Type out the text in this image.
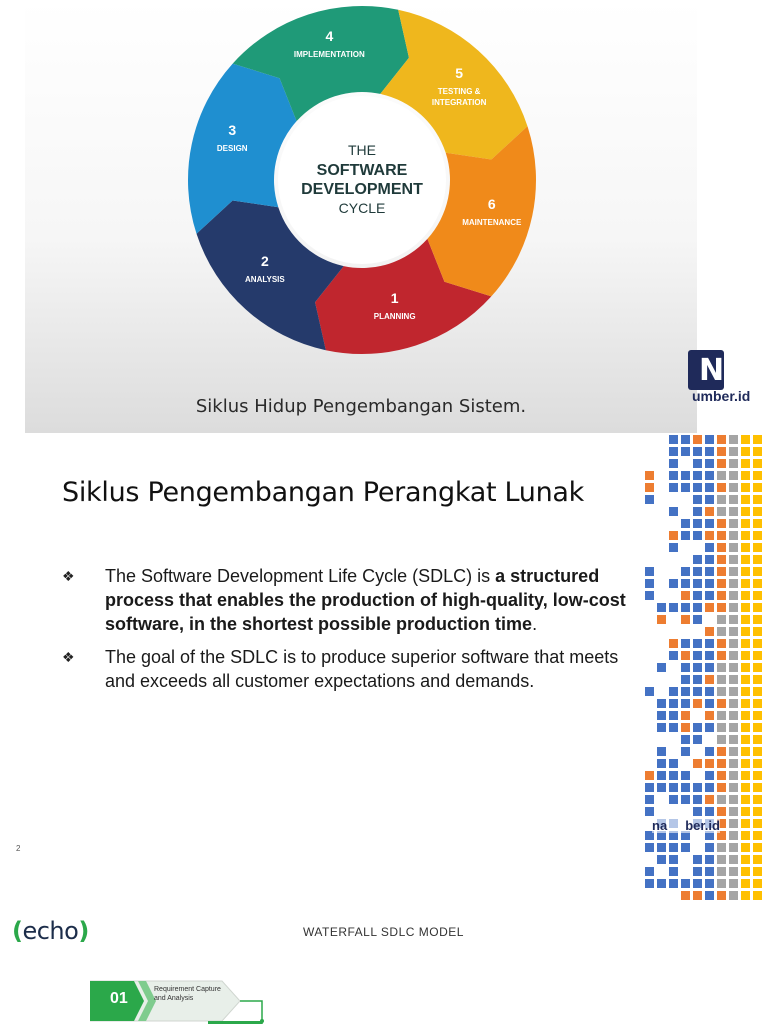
1
PLANNING
2
ANALYSIS
3
DESIGN
4
IMPLEMENTATION
5
TESTING &
INTEGRATION
6
MAINTENANCE
THE
SOFTWARE
DEVELOPMENT
CYCLE
Siklus Hidup Pengembangan Sistem.
Ni
umber.id
Siklus Pengembangan Perangkat Lunak
❖ The Software Development Life Cycle (SDLC) is a structured process that enables the production of high-quality, low-cost software, in the shortest possible production time.
❖ The goal of the SDLC is to produce superior software that meets and exceeds all customer expectations and demands.
2
na ber.id
(echo)	WATERFALL SDLC MODEL
01
Requirement Capture and Analysis
